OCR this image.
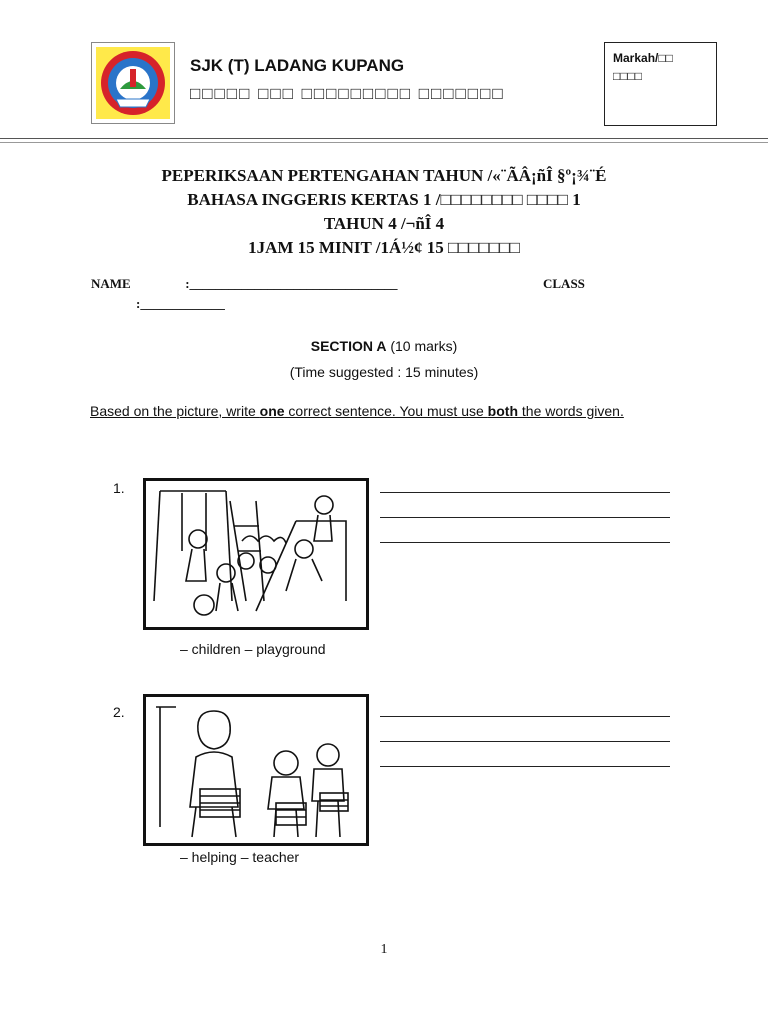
SJK (T) LADANG KUPANG
□□□□□ □□□ □□□□□□□□□ □□□□□□□
Markah/□□
□□□□
PEPERIKSAAN PERTENGAHAN TAHUN /«¨ÃÂ¡ñÎ §º¡¾¨É
BAHASA INGGERIS KERTAS 1 /□□□□□□□□ □□□□ 1
TAHUN 4 /¬ñÎ 4
1JAM 15 MINIT /1Á½¢ 15 □□□□□□□
NAME	:________________________________	CLASS
:_____________
SECTION A (10 marks)
(Time suggested : 15 minutes)
Based on the picture, write one correct sentence. You must use both the words given.
1.
– children – playground
2.
– helping – teacher
1
